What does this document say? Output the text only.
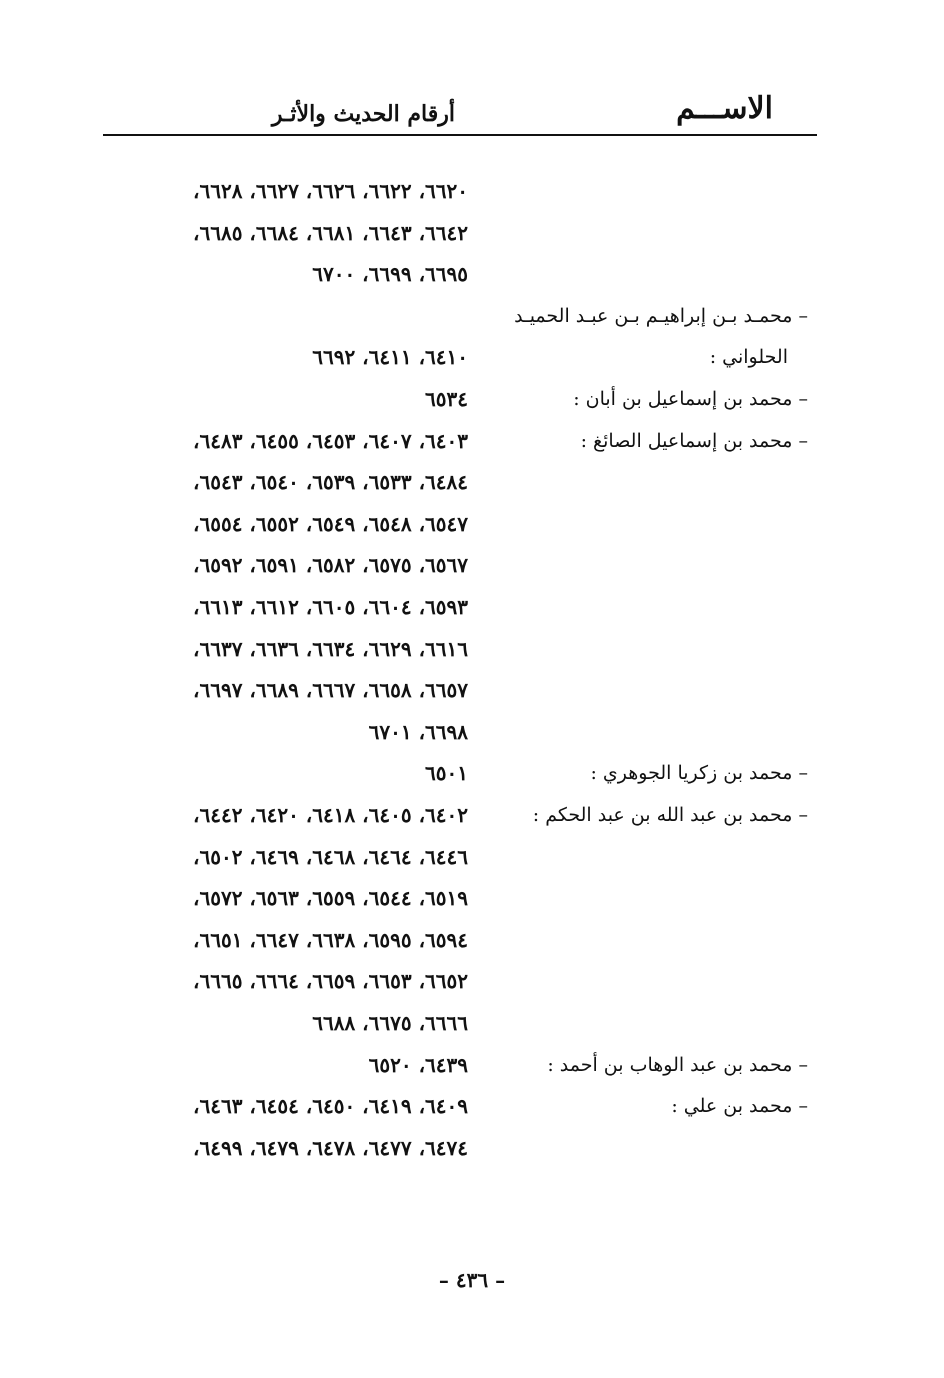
الاســـم
أرقام الحديث والأثـر
٦٦٢٠، ٦٦٢٢، ٦٦٢٦، ٦٦٢٧، ٦٦٢٨،
٦٦٤٢، ٦٦٤٣، ٦٦٨١، ٦٦٨٤، ٦٦٨٥،
٦٦٩٥، ٦٦٩٩، ٦٧٠٠
– محمـد بـن إبراهيـم بـن عبـد الحميـد
الحلواني :
٦٤١٠، ٦٤١١، ٦٦٩٢
– محمد بن إسماعيل بن أبان :
٦٥٣٤
– محمد بن إسماعيل الصائغ :
٦٤٠٣، ٦٤٠٧، ٦٤٥٣، ٦٤٥٥، ٦٤٨٣،
٦٤٨٤، ٦٥٣٣، ٦٥٣٩، ٦٥٤٠، ٦٥٤٣،
٦٥٤٧، ٦٥٤٨، ٦٥٤٩، ٦٥٥٢، ٦٥٥٤،
٦٥٦٧، ٦٥٧٥، ٦٥٨٢، ٦٥٩١، ٦٥٩٢،
٦٥٩٣، ٦٦٠٤، ٦٦٠٥، ٦٦١٢، ٦٦١٣،
٦٦١٦، ٦٦٢٩، ٦٦٣٤، ٦٦٣٦، ٦٦٣٧،
٦٦٥٧، ٦٦٥٨، ٦٦٦٧، ٦٦٨٩، ٦٦٩٧،
٦٦٩٨، ٦٧٠١
– محمد بن زكريا الجوهري :
٦٥٠١
– محمد بن عبد الله بن عبد الحكم :
٦٤٠٢، ٦٤٠٥، ٦٤١٨، ٦٤٢٠، ٦٤٤٢،
٦٤٤٦، ٦٤٦٤، ٦٤٦٨، ٦٤٦٩، ٦٥٠٢،
٦٥١٩، ٦٥٤٤، ٦٥٥٩، ٦٥٦٣، ٦٥٧٢،
٦٥٩٤، ٦٥٩٥، ٦٦٣٨، ٦٦٤٧، ٦٦٥١،
٦٦٥٢، ٦٦٥٣، ٦٦٥٩، ٦٦٦٤، ٦٦٦٥،
٦٦٦٦، ٦٦٧٥، ٦٦٨٨
– محمد بن عبد الوهاب بن أحمد :
٦٤٣٩، ٦٥٢٠
– محمد بن علي :
٦٤٠٩، ٦٤١٩، ٦٤٥٠، ٦٤٥٤، ٦٤٦٣،
٦٤٧٤، ٦٤٧٧، ٦٤٧٨، ٦٤٧٩، ٦٤٩٩،
– ٤٣٦ –
